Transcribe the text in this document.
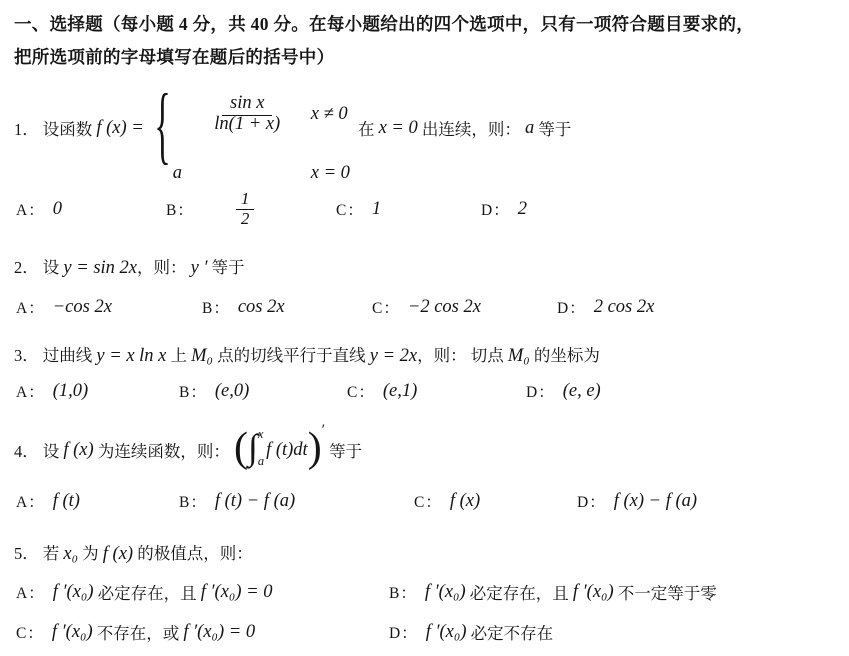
一、选择题（每小题 4 分，共 40 分。在每小题给出的四个选项中，只有一项符合题目要求的，
把所选项前的字母填写在题后的括号中）
1． 设函数 f (x) = { $\frac{\text{sin x}}{\ln(1 + x)}$
	x ≠ 0
a	x = 0
在 x = 0 出连续，则： a 等于
A： 0	B： $\frac{1}{2}$
	C： 1	D： 2
2． 设 y = sin 2x，则： y ′ 等于
A： −cos 2x	B： cos 2x	C： −2 cos 2x	D： 2 cos 2x
3． 过曲线 y = x ln x 上 M₀ 点的切线平行于直线 y = 2x，则： 切点 M₀ 的坐标为
A： (1,0)	B： (e,0)	C： (e,1)	D： (e, e)
4． 设 f (x) 为连续函数，则： ( ∫ x
a
f (t)dt ) ′
等于
A： f (t)	B： f (t) − f (a)	C： f (x)	D： f (x) − f (a)
5． 若 x₀ 为 f (x) 的极值点，则：
A： f ′(x₀) 必定存在，且 f ′(x₀) = 0	B： f ′(x₀) 必定存在，且 f ′(x₀) 不一定等于零
C： f ′(x₀) 不存在，或 f ′(x₀) = 0	D： f ′(x₀) 必定不存在
